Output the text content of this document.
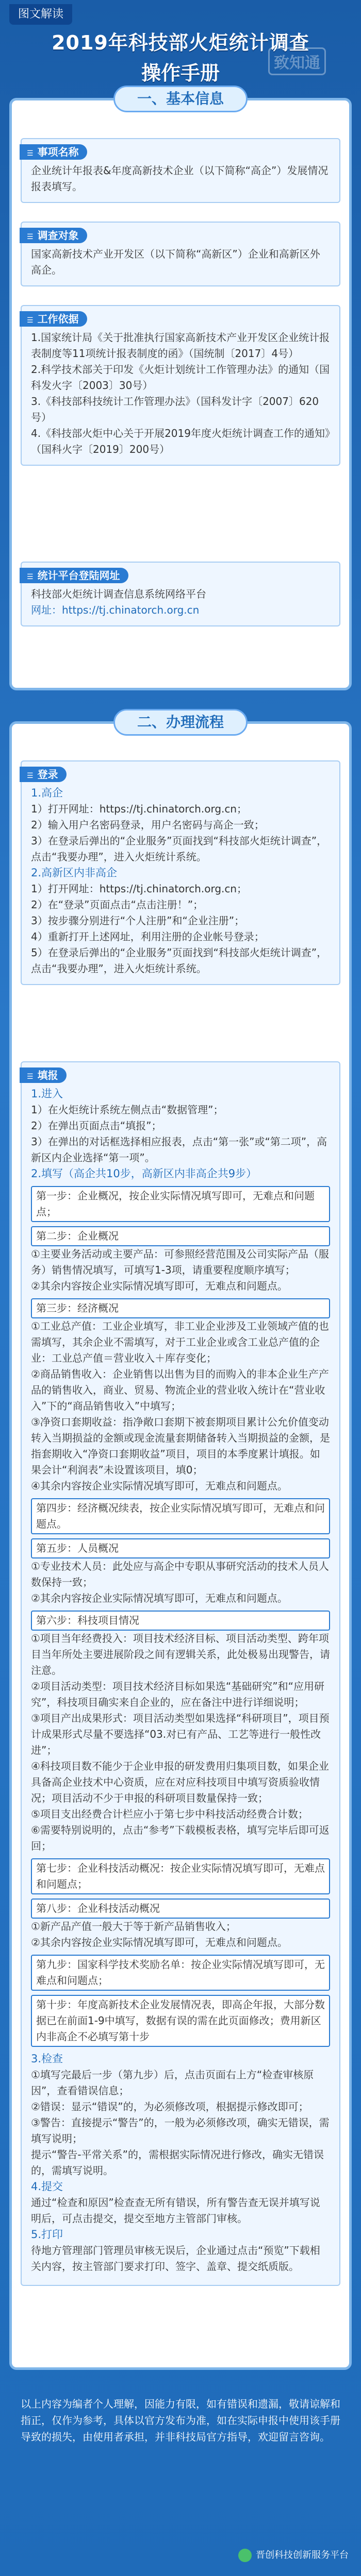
图文解读
2019年科技部火炬统计调查
操作手册	致知通
一、基本信息
☰ 事项名称

企业统计年报表&年度高新技术企业（以下简称“高企”）发展情况报表填写。

☰ 调查对象

国家高新技术产业开发区（以下简称“高新区”）企业和高新区外高企。

☰ 工作依据

1.国家统计局《关于批准执行国家高新技术产业开发区企业统计报表制度等11项统计报表制度的函》（国统制〔2017〕4号）

2.科学技术部关于印发《火炬计划统计工作管理办法》的通知（国科发火字〔2003〕30号）

3.《科技部科技统计工作管理办法》（国科发计字〔2007〕620号）

4.《科技部火炬中心关于开展2019年度火炬统计调查工作的通知》（国科火字〔2019〕200号）

☰ 统计平台登陆网址

科技部火炬统计调查信息系统网络平台

网址：https://tj.chinatorch.org.cn

二、办理流程
☰ 登录

1.高企

1）打开网址：https://tj.chinatorch.org.cn；

2）输入用户名密码登录，用户名密码与高企一致；

3）在登录后弹出的“企业服务”页面找到“科技部火炬统计调查”，点击“我要办理”，进入火炬统计系统。

2.高新区内非高企

1）打开网址：https://tj.chinatorch.org.cn；

2）在“登录”页面点击“点击注册！”；

3）按步骤分别进行“个人注册”和“企业注册”；

4）重新打开上述网址，利用注册的企业帐号登录；

5）在登录后弹出的“企业服务”页面找到“科技部火炬统计调查”，点击“我要办理”，进入火炬统计系统。

☰ 填报

1.进入

1）在火炬统计系统左侧点击“数据管理”；

2）在弹出页面点击“填报”；

3）在弹出的对话框选择相应报表，点击“第一张”或“第二项”，高新区内企业选择“第一项”。

2.填写（高企共10步，高新区内非高企共9步）

第一步：企业概况，按企业实际情况填写即可，无难点和问题点；

第二步：企业概况

①主要业务活动或主要产品：可参照经营范围及公司实际产品（服务）销售情况填写，可填写1-3项，请重要程度顺序填写；

②其余内容按企业实际情况填写即可，无难点和问题点。

第三步：经济概况

①工业总产值：工业企业填写，非工业企业涉及工业领域产值的也需填写，其余企业不需填写，对于工业企业或含工业总产值的企业：工业总产值＝营业收入＋库存变化；

②商品销售收入：企业销售以出售为目的而购入的非本企业生产产品的销售收入，商业、贸易、物流企业的营业收入统计在“营业收入”下的“商品销售收入”中填写；

③净资口套期收益：指净敞口套期下被套期项目累计公允价值变动转入当期损益的金额或现金流量套期储备转入当期损益的金额，是指套期收入“净资口套期收益”项目，项目的本季度累计填报。如果会计“利润表”未设置该项目，填0；

④其余内容按企业实际情况填写即可，无难点和问题点。

第四步：经济概况续表，按企业实际情况填写即可，无难点和问题点。

第五步：人员概况

①专业技术人员：此处应与高企中专职从事研究活动的技术人员人数保持一致；

②其余内容按企业实际情况填写即可，无难点和问题点。

第六步：科技项目情况

①项目当年经费投入：项目技术经济目标、项目活动类型、跨年项目当年所处主要进展阶段之间有逻辑关系，此处极易出现警告，请注意。

②项目活动类型：项目技术经济目标如果选“基础研究”和“应用研究”，科技项目确实来自企业的，应在备注中进行详细说明；

③项目产出成果形式：项目活动类型如果选择“科研项目”，项目预计成果形式尽量不要选择“03.对已有产品、工艺等进行一般性改进”；

④科技项目数不能少于企业申报的研发费用归集项目数，如果企业具备高企业技术中心资质，应在对应科技项目中填写资质验收情况；项目活动不少于申报的科研项目数量保持一致；

⑤项目支出经费合计栏应小于第七步中科技活动经费合计数；

⑥需要特别说明的，点击“参考”下载模板表格，填写完毕后即可返回；

第七步：企业科技活动概况：按企业实际情况填写即可，无难点和问题点；

第八步：企业科技活动概况

①新产品产值一般大于等于新产品销售收入；

②其余内容按企业实际情况填写即可，无难点和问题点。

第九步：国家科学技术奖励名单：按企业实际情况填写即可，无难点和问题点；

第十步：年度高新技术企业发展情况表，即高企年报，大部分数据已在前面1-9中填写，数据有误的需在此页面修改；费用新区内非高企不必填写第十步

3.检查

①填写完最后一步（第九步）后，点击页面右上方“检查审核原因”，查看错误信息；

②错误：显示“错误”的，为必须修改项，根据提示修改即可；

③警告：直接提示“警告”的，一般为必须修改项，确实无错误，需填写说明；

提示“警告-平常关系”的，需根据实际情况进行修改，确实无错误的，需填写说明。

4.提交

通过“检查和原因”检查查无所有错误，所有警告查无误并填写说明后，可点击提交，提交至地方主管部门审核。

5.打印

待地方管理部门管理员审核无误后，企业通过点击“预览”下载相关内容，按主管部门要求打印、签字、盖章、提交纸质版。

以上内容为编者个人理解，因能力有限，如有错误和遗漏，敬请谅解和指正，仅作为参考，具体以官方发布为准，如在实际申报中使用该手册导致的损失，由使用者承担，并非科技局官方指导，欢迎留言咨询。
晋创科技创新服务平台
